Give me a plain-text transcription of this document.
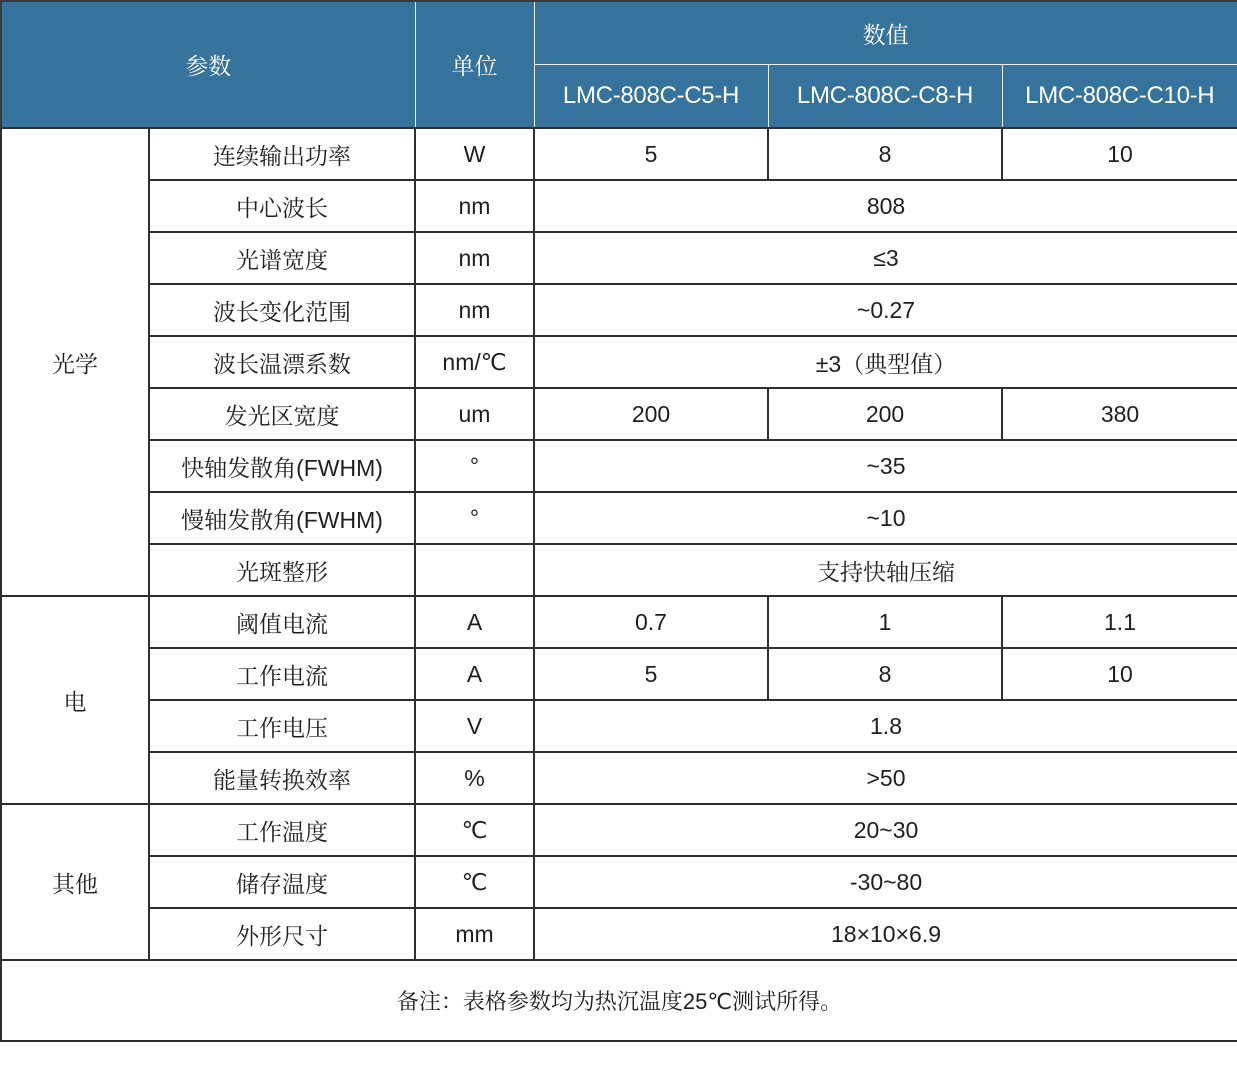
参数		单位	数值		
			LMC-808C-C5-H	LMC-808C-C8-H	LMC-808C-C10-H
光学	连续输出功率	W	5	8	10
	中心波长	nm	808		
	光谱宽度	nm	≤3		
	波长变化范围	nm	~0.27		
	波长温漂系数	nm/℃	±3（典型值）		
	发光区宽度	um	200	200	380
	快轴发散角(FWHM)	°	~35		
	慢轴发散角(FWHM)	°	~10		
	光斑整形		支持快轴压缩		
电	阈值电流	A	0.7	1	1.1
	工作电流	A	5	8	10
	工作电压	V	1.8		
	能量转换效率	%	>50		
其他	工作温度	℃	20~30		
	储存温度	℃	-30~80		
	外形尺寸	mm	18×10×6.9		
备注：表格参数均为热沉温度25℃测试所得。					
